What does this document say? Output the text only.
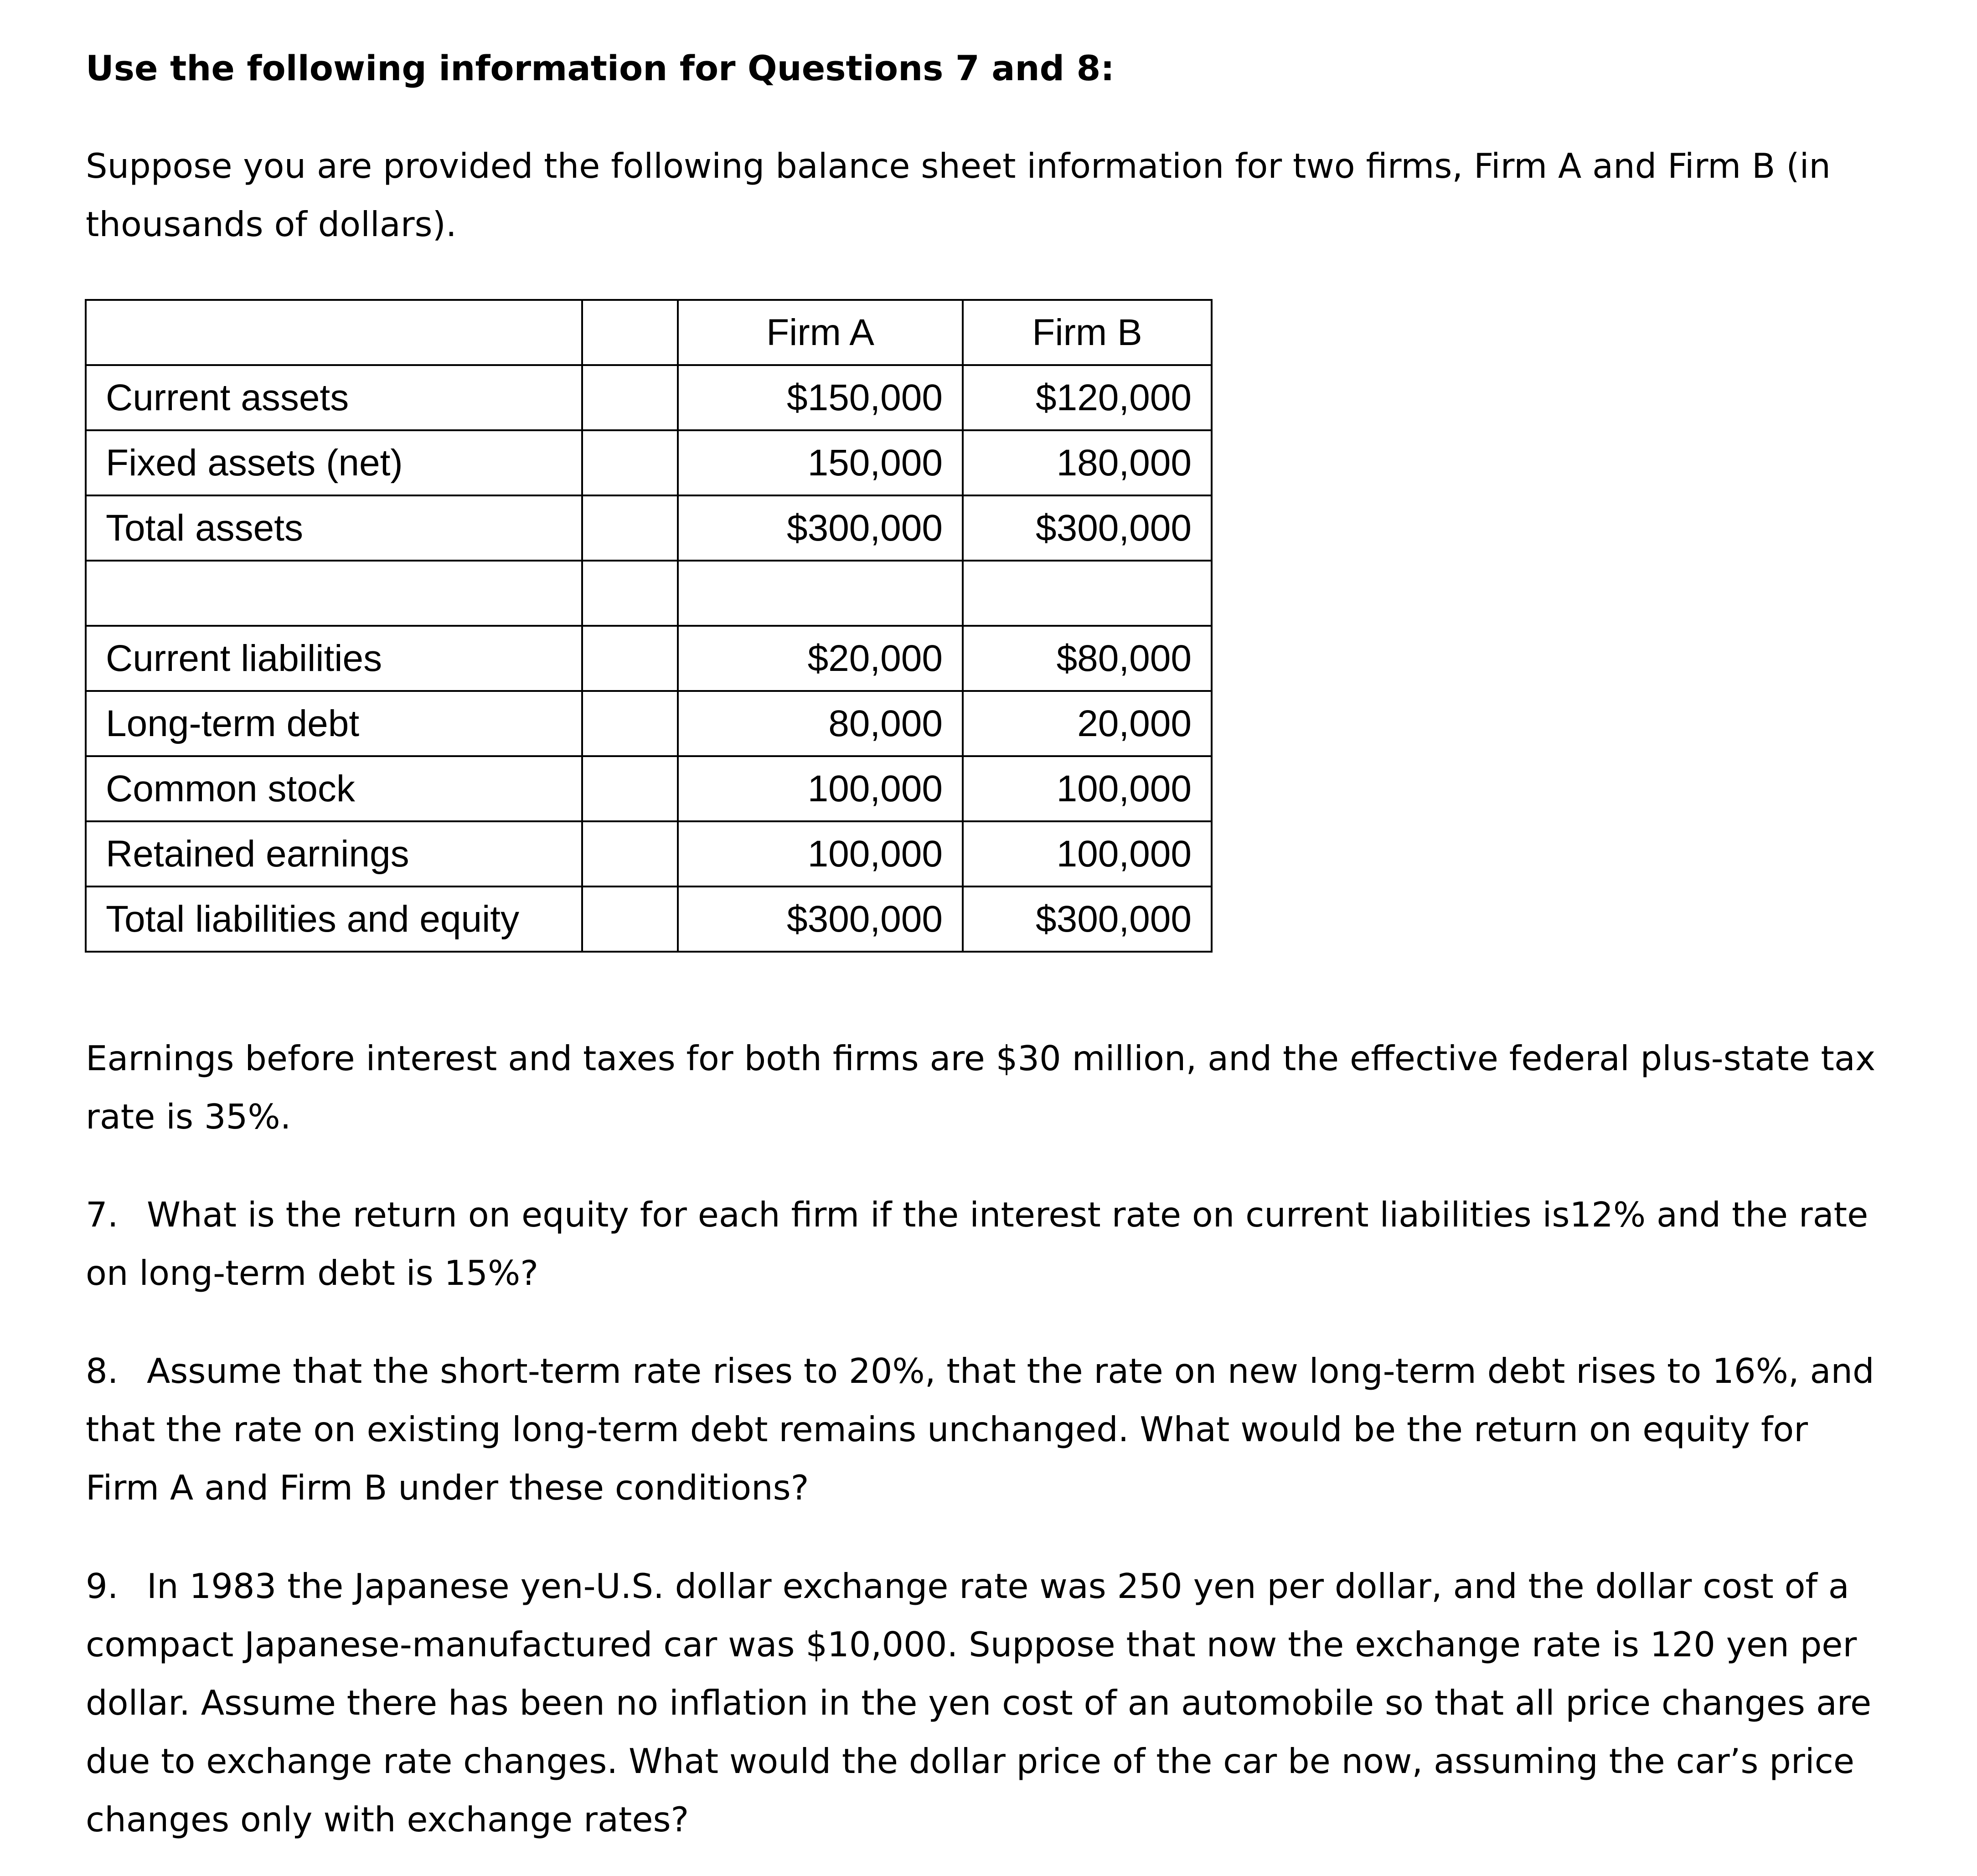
Use the following information for Questions 7 and 8:
Suppose you are provided the following balance sheet information for two firms, Firm A and Firm B (in
thousands of dollars).
		Firm A	Firm B
Current assets		$150,000	$120,000
Fixed assets (net)		150,000	180,000
Total assets		$300,000	$300,000

Current liabilities		$20,000	$80,000
Long-term debt		80,000	20,000
Common stock		100,000	100,000
Retained earnings		100,000	100,000
Total liabilities and equity		$300,000	$300,000
Earnings before interest and taxes for both firms are $30 million, and the effective federal plus-state tax
rate is 35%.
7. What is the return on equity for each firm if the interest rate on current liabilities is12% and the rate
on long-term debt is 15%?
8. Assume that the short-term rate rises to 20%, that the rate on new long-term debt rises to 16%, and
that the rate on existing long-term debt remains unchanged. What would be the return on equity for
Firm A and Firm B under these conditions?
9. In 1983 the Japanese yen-U.S. dollar exchange rate was 250 yen per dollar, and the dollar cost of a
compact Japanese-manufactured car was $10,000. Suppose that now the exchange rate is 120 yen per
dollar. Assume there has been no inflation in the yen cost of an automobile so that all price changes are
due to exchange rate changes. What would the dollar price of the car be now, assuming the car’s price
changes only with exchange rates?
